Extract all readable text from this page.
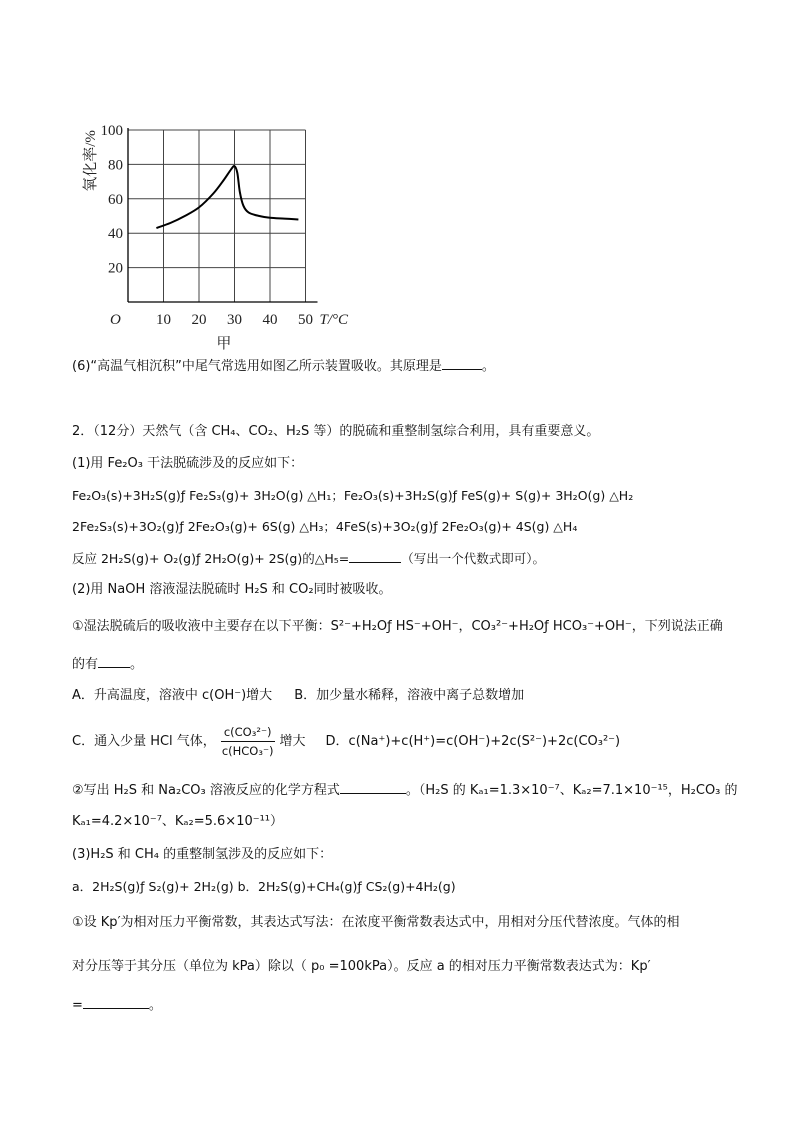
10 20 30 40 50
20
40
60
80
100
氧化率/%
T/°C
O
甲
(6)“高温气相沉积”中尾气常选用如图乙所示装置吸收。其原理是	。
2．（12分）天然气（含 CH₄、CO₂、H₂S 等）的脱硫和重整制氢综合利用，具有重要意义。
(1)用 Fe₂O₃ 干法脱硫涉及的反应如下：
Fe₂O₃(s)+3H₂S(g)ƒ Fe₂S₃(g)+ 3H₂O(g) △H₁；Fe₂O₃(s)+3H₂S(g)ƒ FeS(g)+ S(g)+ 3H₂O(g) △H₂
2Fe₂S₃(s)+3O₂(g)ƒ 2Fe₂O₃(g)+ 6S(g) △H₃；4FeS(s)+3O₂(g)ƒ 2Fe₂O₃(g)+ 4S(g) △H₄
反应 2H₂S(g)+ O₂(g)ƒ 2H₂O(g)+ 2S(g)的△H₅=	（写出一个代数式即可）。
(2)用 NaOH 溶液湿法脱硫时 H₂S 和 CO₂同时被吸收。
①湿法脱硫后的吸收液中主要存在以下平衡：S²⁻+H₂Oƒ HS⁻+OH⁻，CO₃²⁻+H₂Oƒ HCO₃⁻+OH⁻，下列说法正确
的有 。
A．升高温度，溶液中 c(OH⁻)增大 B．加少量水稀释，溶液中离子总数增加
C．通入少量 HCl 气体， $\frac{\text{c(CO₃²⁻)}}{\text{c(HCO₃⁻)}}$ 增大 D．c(Na⁺)+c(H⁺)=c(OH⁻)+2c(S²⁻)+2c(CO₃²⁻)
②写出 H₂S 和 Na₂CO₃ 溶液反应的化学方程式	。（H₂S 的 Kₐ₁=1.3×10⁻⁷、Kₐ₂=7.1×10⁻¹⁵，H₂CO₃ 的
Kₐ₁=4.2×10⁻⁷、Kₐ₂=5.6×10⁻¹¹）
(3)H₂S 和 CH₄ 的重整制氢涉及的反应如下：
a．2H₂S(g)ƒ S₂(g)+ 2H₂(g) b．2H₂S(g)+CH₄(g)ƒ CS₂(g)+4H₂(g)
①设 Kp′为相对压力平衡常数，其表达式写法：在浓度平衡常数表达式中，用相对分压代替浓度。气体的相
对分压等于其分压（单位为 kPa）除以（ p₀ =100kPa）。反应 a 的相对压力平衡常数表达式为：Kp′
=	。
